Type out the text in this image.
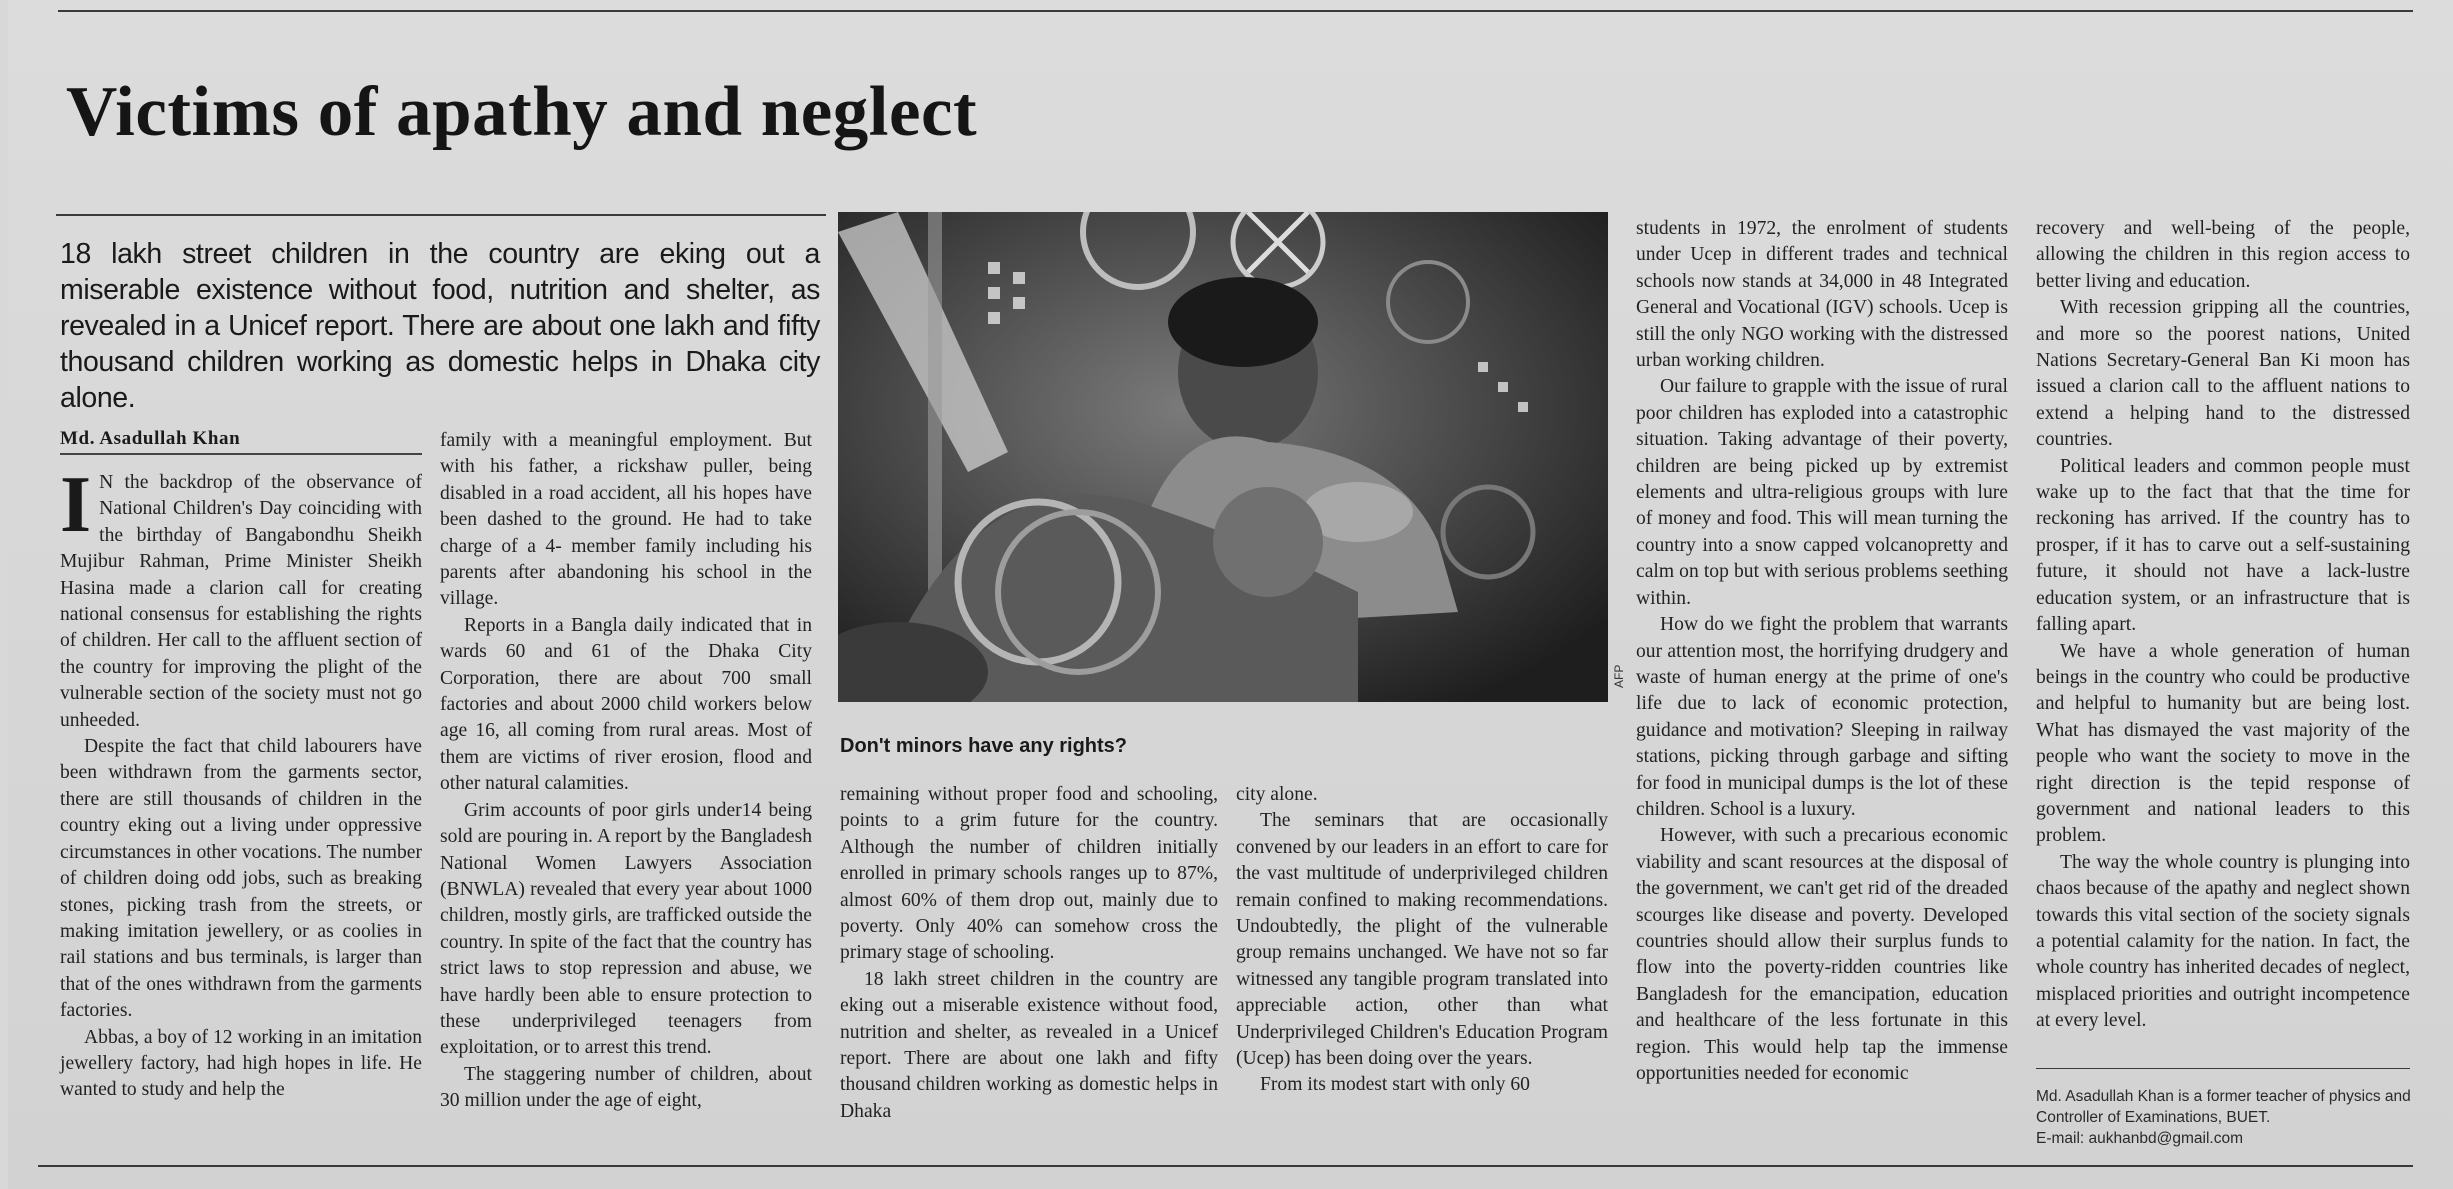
Victims of apathy and neglect

18 lakh street children in the country are eking out a miserable existence without food, nutrition and shelter, as revealed in a Unicef report. There are about one lakh and fifty thousand children working as domestic helps in Dhaka city alone.

Md. Asadullah Khan

I N the backdrop of the observance of National Children's Day coinciding with the birthday of Bangabondhu Sheikh Mujibur Rahman, Prime Minister Sheikh Hasina made a clarion call for creating national consensus for establishing the rights of children. Her call to the affluent section of the country for improving the plight of the vulnerable section of the society must not go unheeded.

Despite the fact that child labourers have been withdrawn from the garments sector, there are still thousands of children in the country eking out a living under oppressive circumstances in other vocations. The number of children doing odd jobs, such as breaking stones, picking trash from the streets, or making imitation jewellery, or as coolies in rail stations and bus terminals, is larger than that of the ones withdrawn from the garments factories.

Abbas, a boy of 12 working in an imitation jewellery factory, had high hopes in life. He wanted to study and help the

family with a meaningful employment. But with his father, a rickshaw puller, being disabled in a road accident, all his hopes have been dashed to the ground. He had to take charge of a 4- member family including his parents after abandoning his school in the village.

Reports in a Bangla daily indicated that in wards 60 and 61 of the Dhaka City Corporation, there are about 700 small factories and about 2000 child workers below age 16, all coming from rural areas. Most of them are victims of river erosion, flood and other natural calamities.

Grim accounts of poor girls under14 being sold are pouring in. A report by the Bangladesh National Women Lawyers Association (BNWLA) revealed that every year about 1000 children, mostly girls, are trafficked outside the country. In spite of the fact that the country has strict laws to stop repression and abuse, we have hardly been able to ensure protection to these underprivileged teenagers from exploitation, or to arrest this trend.

The staggering number of children, about 30 million under the age of eight,

AFP

Don't minors have any rights?

remaining without proper food and schooling, points to a grim future for the country. Although the number of children initially enrolled in primary schools ranges up to 87%, almost 60% of them drop out, mainly due to poverty. Only 40% can somehow cross the primary stage of schooling.

18 lakh street children in the country are eking out a miserable existence without food, nutrition and shelter, as revealed in a Unicef report. There are about one lakh and fifty thousand children working as domestic helps in Dhaka

city alone.

The seminars that are occasionally convened by our leaders in an effort to care for the vast multitude of underprivileged children remain confined to making recommendations. Undoubtedly, the plight of the vulnerable group remains unchanged. We have not so far witnessed any tangible program translated into appreciable action, other than what Underprivileged Children's Education Program (Ucep) has been doing over the years.

From its modest start with only 60

students in 1972, the enrolment of students under Ucep in different trades and technical schools now stands at 34,000 in 48 Integrated General and Vocational (IGV) schools. Ucep is still the only NGO working with the distressed urban working children.

Our failure to grapple with the issue of rural poor children has exploded into a catastrophic situation. Taking advantage of their poverty, children are being picked up by extremist elements and ultra-religious groups with lure of money and food. This will mean turning the country into a snow capped volcanopretty and calm on top but with serious problems seething within.

How do we fight the problem that warrants our attention most, the horrifying drudgery and waste of human energy at the prime of one's life due to lack of economic protection, guidance and motivation? Sleeping in railway stations, picking through garbage and sifting for food in municipal dumps is the lot of these children. School is a luxury.

However, with such a precarious economic viability and scant resources at the disposal of the government, we can't get rid of the dreaded scourges like disease and poverty. Developed countries should allow their surplus funds to flow into the poverty-ridden countries like Bangladesh for the emancipation, education and healthcare of the less fortunate in this region. This would help tap the immense opportunities needed for economic

recovery and well-being of the people, allowing the children in this region access to better living and education.

With recession gripping all the countries, and more so the poorest nations, United Nations Secretary-General Ban Ki moon has issued a clarion call to the affluent nations to extend a helping hand to the distressed countries.

Political leaders and common people must wake up to the fact that that the time for reckoning has arrived. If the country has to prosper, if it has to carve out a self-sustaining future, it should not have a lack-lustre education system, or an infrastructure that is falling apart.

We have a whole generation of human beings in the country who could be productive and helpful to humanity but are being lost. What has dismayed the vast majority of the people who want the society to move in the right direction is the tepid response of government and national leaders to this problem.

The way the whole country is plunging into chaos because of the apathy and neglect shown towards this vital section of the society signals a potential calamity for the nation. In fact, the whole country has inherited decades of neglect, misplaced priorities and outright incompetence at every level.

Md. Asadullah Khan is a former teacher of physics and
Controller of Examinations, BUET.
E-mail: aukhanbd@gmail.com
